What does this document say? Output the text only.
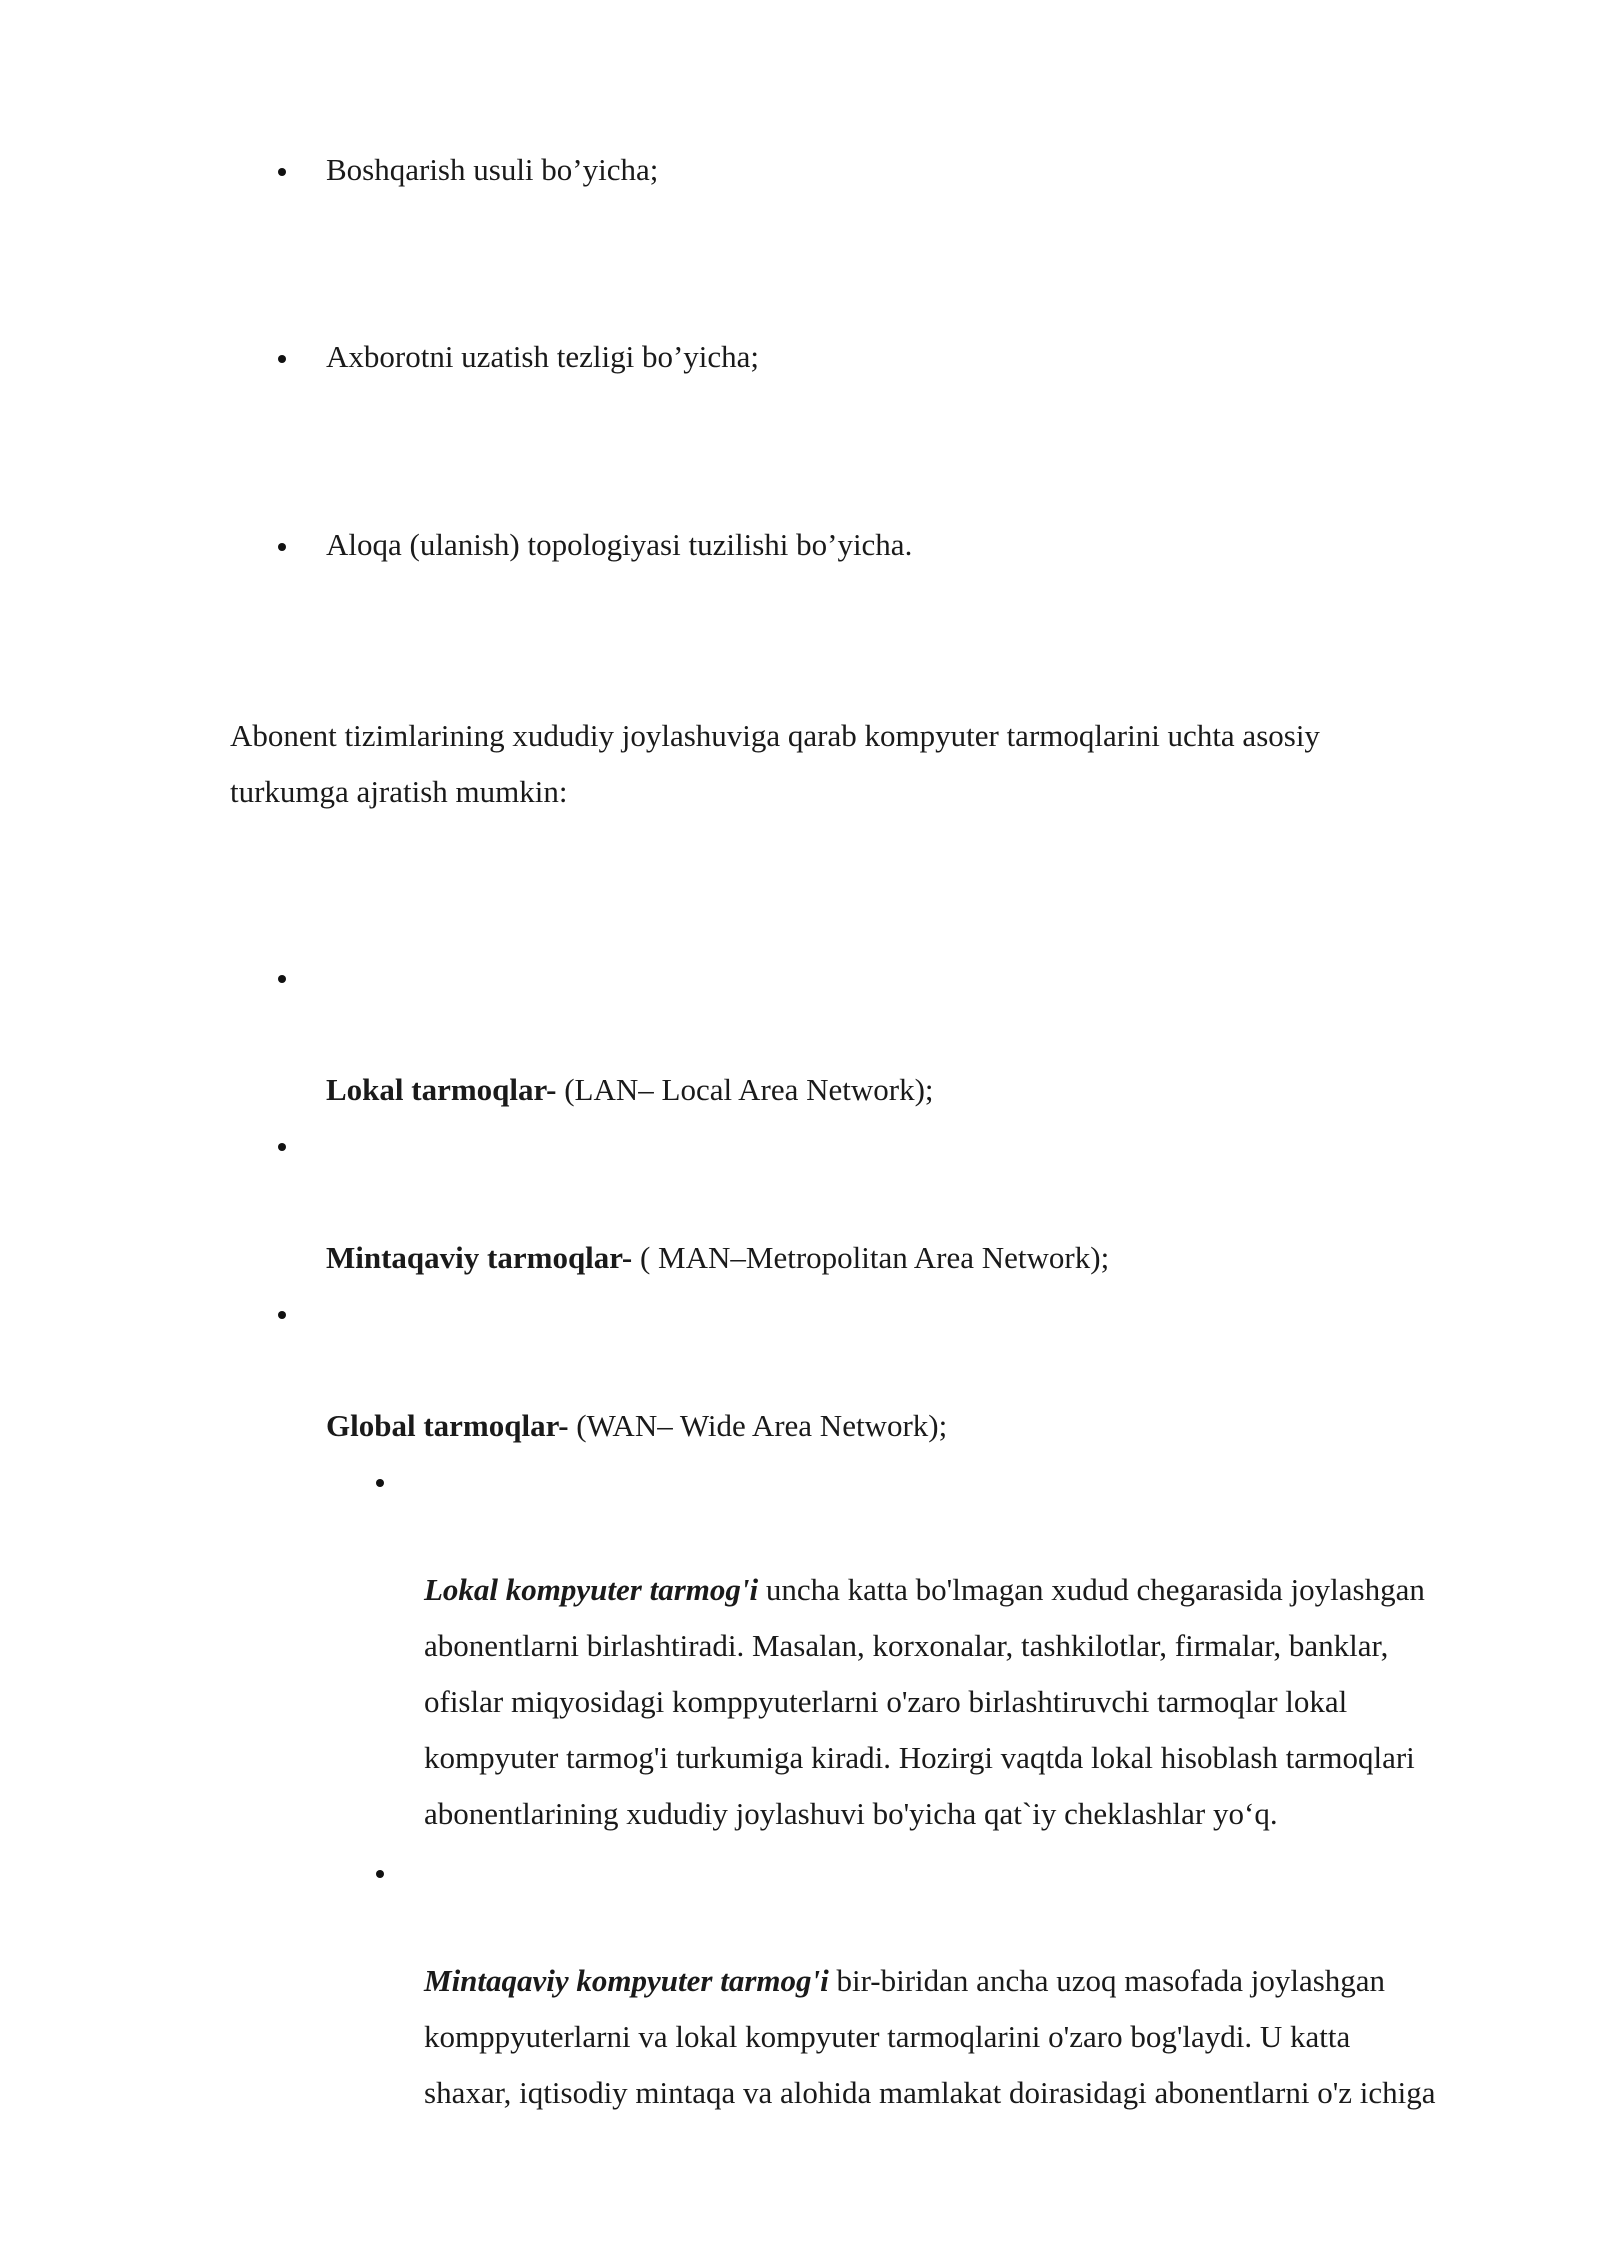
Boshqarish usuli bo’yicha;
Axborotni uzatish tezligi bo’yicha;
Aloqa (ulanish) topologiyasi tuzilishi bo’yicha.
Abonent tizimlarining xududiy joylashuviga qarab kompyuter tarmoqlarini uchta asosiy
turkumga ajratish mumkin:
Lokal tarmoqlar- (LAN– Local Area Network);
Mintaqaviy tarmoqlar- ( MAN–Metropolitan Area Network);
Global tarmoqlar- (WAN– Wide Area Network);
Lokal kompyuter tarmog'i uncha katta bo'lmagan xudud chegarasida joylashgan
abonentlarni birlashtiradi. Masalan, korxonalar, tashkilotlar, firmalar, banklar,
ofislar miqyosidagi komppyuterlarni o'zaro birlashtiruvchi tarmoqlar lokal
kompyuter tarmog'i turkumiga kiradi. Hozirgi vaqtda lokal hisoblash tarmoqlari
abonentlarining xududiy joylashuvi bo'yicha qat`iy cheklashlar yo‘q.
Mintaqaviy kompyuter tarmog'i bir-biridan ancha uzoq masofada joylashgan
komppyuterlarni va lokal kompyuter tarmoqlarini o'zaro bog'laydi. U katta
shaxar, iqtisodiy mintaqa va alohida mamlakat doirasidagi abonentlarni o'z ichiga
